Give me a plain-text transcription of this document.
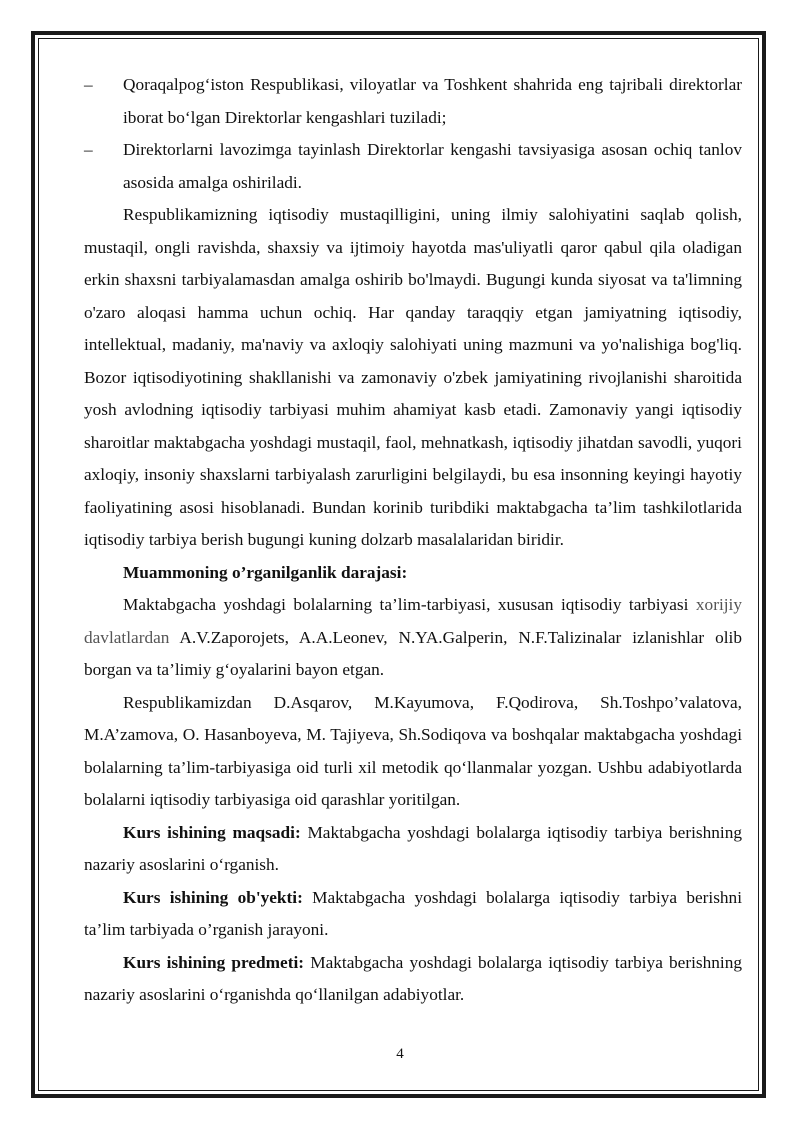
–	Qoraqalpog‘iston Respublikasi, viloyatlar va Toshkent shahrida eng tajribali direktorlar iborat bo‘lgan Direktorlar kengashlari tuziladi;
–	Direktorlarni lavozimga tayinlash Direktorlar kengashi tavsiyasiga asosan ochiq tanlov asosida amalga oshiriladi.

Respublikamizning iqtisodiy mustaqilligini, uning ilmiy salohiyatini saqlab qolish, mustaqil, ongli ravishda, shaxsiy va ijtimoiy hayotda mas'uliyatli qaror qabul qila oladigan erkin shaxsni tarbiyalamasdan amalga oshirib bo'lmaydi. Bugungi kunda siyosat va ta'limning o'zaro aloqasi hamma uchun ochiq. Har qanday taraqqiy etgan jamiyatning iqtisodiy, intellektual, madaniy, ma'naviy va axloqiy salohiyati uning mazmuni va yo'nalishiga bog'liq. Bozor iqtisodiyotining shakllanishi va zamonaviy o'zbek jamiyatining rivojlanishi sharoitida yosh avlodning iqtisodiy tarbiyasi muhim ahamiyat kasb etadi. Zamonaviy yangi iqtisodiy sharoitlar maktabgacha yoshdagi mustaqil, faol, mehnatkash, iqtisodiy jihatdan savodli, yuqori axloqiy, insoniy shaxslarni tarbiyalash zarurligini belgilaydi, bu esa insonning keyingi hayotiy faoliyatining asosi hisoblanadi. Bundan korinib turibdiki maktabgacha ta’lim tashkilotlarida iqtisodiy tarbiya berish bugungi kuning dolzarb masalalaridan biridir.

Muammoning o’rganilganlik darajasi:

Maktabgacha yoshdagi bolalarning ta’lim-tarbiyasi, xususan iqtisodiy tarbiyasi xorijiy davlatlardan A.V.Zaporojets, A.A.Leonev, N.YA.Galperin, N.F.Talizinalar izlanishlar olib borgan va ta’limiy g‘oyalarini bayon etgan.

Respublikamizdan D.Asqarov, M.Kayumova, F.Qodirova, Sh.Toshpo’valatova, M.A’zamova, O. Hasanboyeva, M. Tajiyeva, Sh.Sodiqova va boshqalar maktabgacha yoshdagi bolalarning ta’lim-tarbiyasiga oid turli xil metodik qo‘llanmalar yozgan. Ushbu adabiyotlarda bolalarni iqtisodiy tarbiyasiga oid qarashlar yoritilgan.

Kurs ishining maqsadi: Maktabgacha yoshdagi bolalarga iqtisodiy tarbiya berishning nazariy asoslarini o‘rganish.

Kurs ishining ob'yekti: Maktabgacha yoshdagi bolalarga iqtisodiy tarbiya berishni ta’lim tarbiyada o’rganish jarayoni.

Kurs ishining predmeti: Maktabgacha yoshdagi bolalarga iqtisodiy tarbiya berishning nazariy asoslarini o‘rganishda qo‘llanilgan adabiyotlar.

4
